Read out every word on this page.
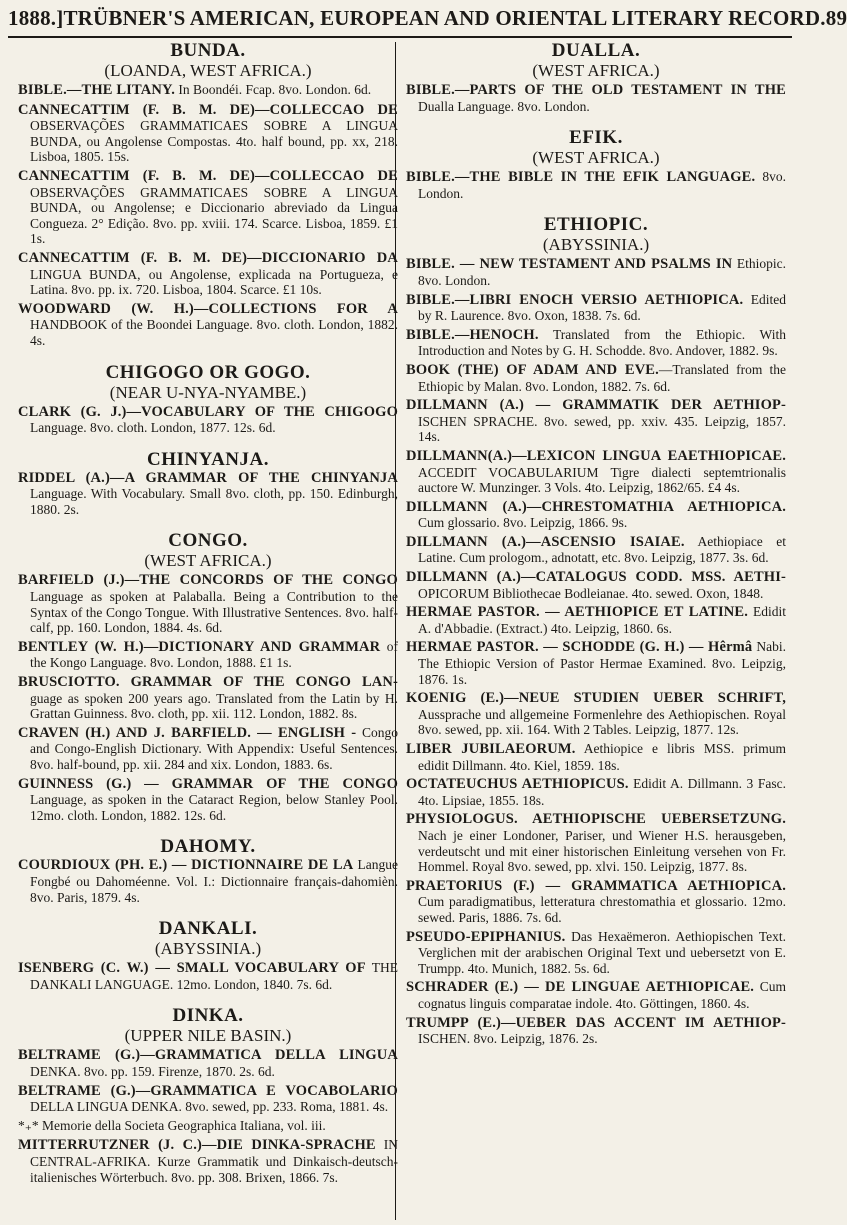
1888.] TRÜBNER'S AMERICAN, EUROPEAN AND ORIENTAL LITERARY RECORD. 89
BUNDA.
(LOANDA, WEST AFRICA.)
BIBLE.—THE LITANY. In Boondéi. Fcap. 8vo. London. 6d.
CANNECATTIM (F. B. M. DE)—COLLECCAO DE OBSERVAÇÕES GRAMMATICAES SOBRE A LINGUA BUNDA, ou Angolense Compostas. 4to. half bound, pp. xx, 218. Lisboa, 1805. 15s.
CANNECATTIM (F. B. M. DE)—COLLECCAO DE OBSERVAÇÕES GRAMMATICAES SOBRE A LINGUA BUNDA, ou Angolense; e Diccionario abreviado da Lingua Congueza. 2° Edição. 8vo. pp. xviii. 174. Scarce. Lisboa, 1859. £1 1s.
CANNECATTIM (F. B. M. DE)—DICCIONARIO DA LINGUA BUNDA, ou Angolense, explicada na Portugueza, e Latina. 8vo. pp. ix. 720. Lisboa, 1804. Scarce. £1 10s.
WOODWARD (W. H.)—COLLECTIONS FOR A HANDBOOK of the Boondei Language. 8vo. cloth. London, 1882. 4s.
CHIGOGO OR GOGO.
(NEAR U-NYA-NYAMBE.)
CLARK (G. J.)—VOCABULARY OF THE CHIGOGO Language. 8vo. cloth. London, 1877. 12s. 6d.
CHINYANJA.
RIDDEL (A.)—A GRAMMAR OF THE CHINYANJA Language. With Vocabulary. Small 8vo. cloth, pp. 150. Edinburgh, 1880. 2s.
CONGO.
(WEST AFRICA.)
BARFIELD (J.)—THE CONCORDS OF THE CONGO Language as spoken at Palaballa. Being a Contribution to the Syntax of the Congo Tongue. With Illustrative Sentences. 8vo. half-calf, pp. 160. London, 1884. 4s. 6d.
BENTLEY (W. H.)—DICTIONARY AND GRAMMAR of the Kongo Language. 8vo. London, 1888. £1 1s.
BRUSCIOTTO. GRAMMAR OF THE CONGO LAN- guage as spoken 200 years ago. Translated from the Latin by H. Grattan Guinness. 8vo. cloth, pp. xii. 112. London, 1882. 8s.
CRAVEN (H.) AND J. BARFIELD. — ENGLISH - Congo and Congo-English Dictionary. With Appendix: Useful Sentences. 8vo. half-bound, pp. xii. 284 and xix. London, 1883. 6s.
GUINNESS (G.) — GRAMMAR OF THE CONGO Language, as spoken in the Cataract Region, below Stanley Pool. 12mo. cloth. London, 1882. 12s. 6d.
DAHOMY.
COURDIOUX (PH. E.) — DICTIONNAIRE DE LA Langue Fongbé ou Dahoméenne. Vol. I.: Dictionnaire français-dahomièn. 8vo. Paris, 1879. 4s.
DANKALI.
(ABYSSINIA.)
ISENBERG (C. W.) — SMALL VOCABULARY OF THE DANKALI LANGUAGE. 12mo. London, 1840. 7s. 6d.
DINKA.
(UPPER NILE BASIN.)
BELTRAME (G.)—GRAMMATICA DELLA LINGUA DENKA. 8vo. pp. 159. Firenze, 1870. 2s. 6d.
BELTRAME (G.)—GRAMMATICA E VOCABOLARIO DELLA LINGUA DENKA. 8vo. sewed, pp. 233. Roma, 1881. 4s.
*₊* Memorie della Societa Geographica Italiana, vol. iii.
MITTERRUTZNER (J. C.)—DIE DINKA-SPRACHE IN CENTRAL-AFRIKA. Kurze Grammatik und Dinkaisch-deutsch-italienisches Wörterbuch. 8vo. pp. 308. Brixen, 1866. 7s.
DUALLA.
(WEST AFRICA.)
BIBLE.—PARTS OF THE OLD TESTAMENT IN THE Dualla Language. 8vo. London.
EFIK.
(WEST AFRICA.)
BIBLE.—THE BIBLE IN THE EFIK LANGUAGE. 8vo. London.
ETHIOPIC.
(ABYSSINIA.)
BIBLE. — NEW TESTAMENT AND PSALMS IN Ethiopic. 8vo. London.
BIBLE.—LIBRI ENOCH VERSIO AETHIOPICA. Edited by R. Laurence. 8vo. Oxon, 1838. 7s. 6d.
BIBLE.—HENOCH. Translated from the Ethiopic. With Introduction and Notes by G. H. Schodde. 8vo. Andover, 1882. 9s.
BOOK (THE) OF ADAM AND EVE.—Translated from the Ethiopic by Malan. 8vo. London, 1882. 7s. 6d.
DILLMANN (A.) — GRAMMATIK DER AETHIOP- ISCHEN SPRACHE. 8vo. sewed, pp. xxiv. 435. Leipzig, 1857. 14s.
DILLMANN(A.)—LEXICON LINGUA EAETHIOPICAE. ACCEDIT VOCABULARIUM Tigre dialecti septemtrionalis auctore W. Munzinger. 3 Vols. 4to. Leipzig, 1862/65. £4 4s.
DILLMANN (A.)—CHRESTOMATHIA AETHIOPICA. Cum glossario. 8vo. Leipzig, 1866. 9s.
DILLMANN (A.)—ASCENSIO ISAIAE. Aethiopiace et Latine. Cum prologom., adnotatt, etc. 8vo. Leipzig, 1877. 3s. 6d.
DILLMANN (A.)—CATALOGUS CODD. MSS. AETHI- OPICORUM Bibliothecae Bodleianae. 4to. sewed. Oxon, 1848.
HERMAE PASTOR. — AETHIOPICE ET LATINE. Edidit A. d'Abbadie. (Extract.) 4to. Leipzig, 1860. 6s.
HERMAE PASTOR. — SCHODDE (G. H.) — Hêrmâ Nabi. The Ethiopic Version of Pastor Hermae Examined. 8vo. Leipzig, 1876. 1s.
KOENIG (E.)—NEUE STUDIEN UEBER SCHRIFT, Aussprache und allgemeine Formenlehre des Aethiopischen. Royal 8vo. sewed, pp. xii. 164. With 2 Tables. Leipzig, 1877. 12s.
LIBER JUBILAEORUM. Aethiopice e libris MSS. primum edidit Dillmann. 4to. Kiel, 1859. 18s.
OCTATEUCHUS AETHIOPICUS. Edidit A. Dillmann. 3 Fasc. 4to. Lipsiae, 1855. 18s.
PHYSIOLOGUS. AETHIOPISCHE UEBERSETZUNG. Nach je einer Londoner, Pariser, und Wiener H.S. herausgeben, verdeutscht und mit einer historischen Einleitung versehen von Fr. Hommel. Royal 8vo. sewed, pp. xlvi. 150. Leipzig, 1877. 8s.
PRAETORIUS (F.) — GRAMMATICA AETHIOPICA. Cum paradigmatibus, letteratura chrestomathia et glossario. 12mo. sewed. Paris, 1886. 7s. 6d.
PSEUDO-EPIPHANIUS. Das Hexaëmeron. Aethiopischen Text. Verglichen mit der arabischen Original Text und uebersetzt von E. Trumpp. 4to. Munich, 1882. 5s. 6d.
SCHRADER (E.) — DE LINGUAE AETHIOPICAE. Cum cognatus linguis comparatae indole. 4to. Göttingen, 1860. 4s.
TRUMPP (E.)—UEBER DAS ACCENT IM AETHIOP- ISCHEN. 8vo. Leipzig, 1876. 2s.
